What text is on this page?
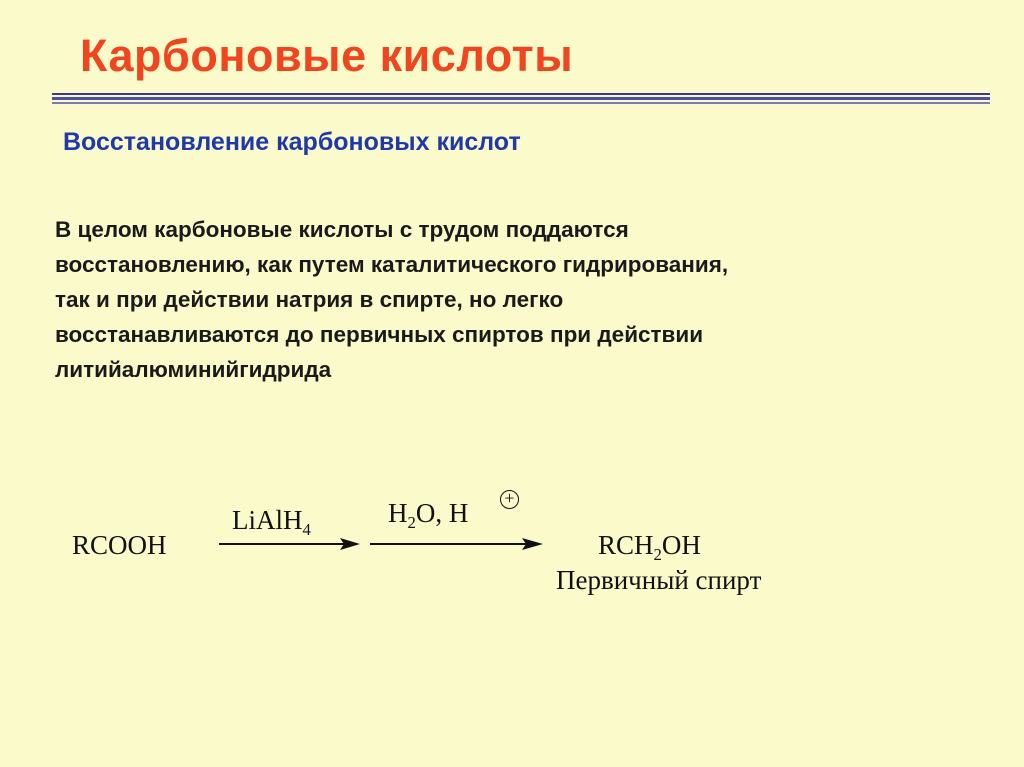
Карбоновые кислоты
Восстановление карбоновых кислот
В целом карбоновые кислоты с трудом поддаются
восстановлению, как путем каталитического гидрирования,
так и при действии натрия в спирте, но легко
восстанавливаются до первичных спиртов при действии
литийалюминийгидрида
RCOOH
LiAlH$_4$
$H_2O$, H +
$RCH_2OH$
Первичный спирт
